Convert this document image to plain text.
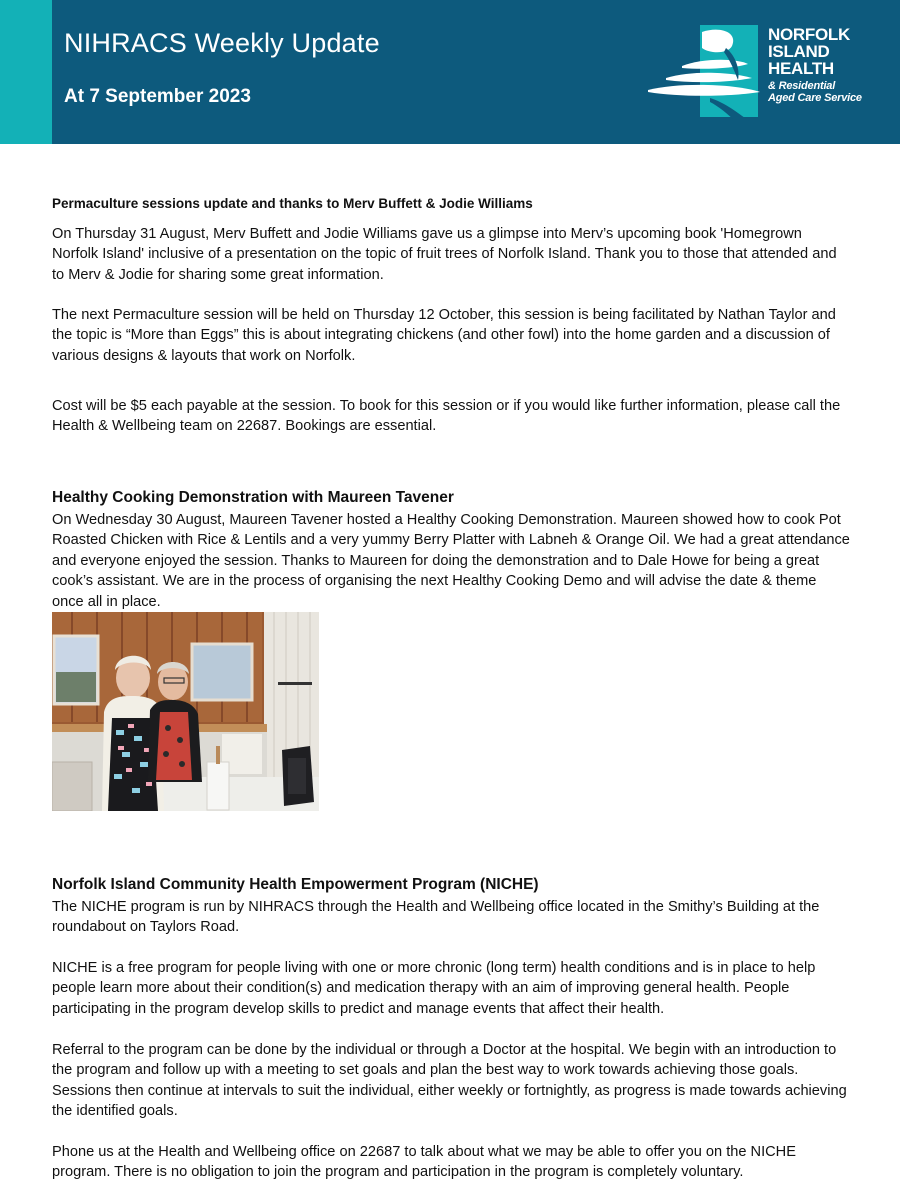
NIHRACS Weekly Update
At 7 September 2023
NORFOLK
ISLAND
HEALTH
& Residential
Aged Care Service
Permaculture sessions update and thanks to Merv Buffett & Jodie Williams

On Thursday 31 August, Merv Buffett and Jodie Williams gave us a glimpse into Merv’s upcoming book 'Homegrown Norfolk Island' inclusive of a presentation on the topic of fruit trees of Norfolk Island. Thank you to those that attended and to Merv & Jodie for sharing some great information.

The next Permaculture session will be held on Thursday 12 October, this session is being facilitated by Nathan Taylor and the topic is “More than Eggs” this is about integrating chickens (and other fowl) into the home garden and a discussion of various designs & layouts that work on Norfolk.

Cost will be $5 each payable at the session. To book for this session or if you would like further information, please call the Health & Wellbeing team on 22687. Bookings are essential.

Healthy Cooking Demonstration with Maureen Tavener

On Wednesday 30 August, Maureen Tavener hosted a Healthy Cooking Demonstration. Maureen showed how to cook Pot Roasted Chicken with Rice & Lentils and a very yummy Berry Platter with Labneh & Orange Oil. We had a great attendance and everyone enjoyed the session. Thanks to Maureen for doing the demonstration and to Dale Howe for being a great cook’s assistant. We are in the process of organising the next Healthy Cooking Demo and will advise the date & theme once all in place.

Norfolk Island Community Health Empowerment Program (NICHE)

The NICHE program is run by NIHRACS through the Health and Wellbeing office located in the Smithy’s Building at the roundabout on Taylors Road.

NICHE is a free program for people living with one or more chronic (long term) health conditions and is in place to help people learn more about their condition(s) and medication therapy with an aim of improving general health. People participating in the program develop skills to predict and manage events that affect their health.

Referral to the program can be done by the individual or through a Doctor at the hospital. We begin with an introduction to the program and follow up with a meeting to set goals and plan the best way to work towards achieving those goals. Sessions then continue at intervals to suit the individual, either weekly or fortnightly, as progress is made towards achieving the identified goals.

Phone us at the Health and Wellbeing office on 22687 to talk about what we may be able to offer you on the NICHE program. There is no obligation to join the program and participation in the program is completely voluntary.
